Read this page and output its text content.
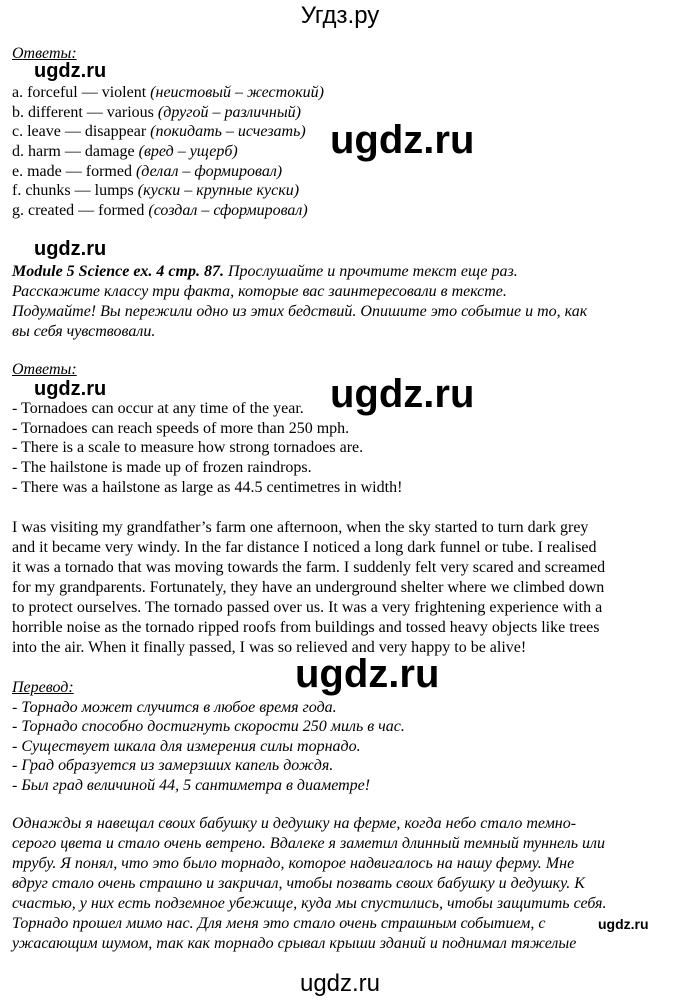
Угдз.ру
Ответы:
a. forceful — violent (неистовый – жестокий)
b. different — various (другой – различный)
c. leave — disappear (покидать – исчезать)
d. harm — damage (вред – ущерб)
e. made — formed (делал – формировал)
f. chunks — lumps (куски – крупные куски)
g. created — formed (создал – сформировал)
Module 5 Science ex. 4 стр. 87. Прослушайте и прочтите текст еще раз.
Расскажите классу три факта, которые вас заинтересовали в тексте.
Подумайте! Вы пережили одно из этих бедствий. Опишите это событие и то, как
вы себя чувствовали.
Ответы:
- Tornadoes can occur at any time of the year.
- Tornadoes can reach speeds of more than 250 mph.
- There is a scale to measure how strong tornadoes are.
- The hailstone is made up of frozen raindrops.
- There was a hailstone as large as 44.5 centimetres in width!
I was visiting my grandfather’s farm one afternoon, when the sky started to turn dark grey
and it became very windy. In the far distance I noticed a long dark funnel or tube. I realised
it was a tornado that was moving towards the farm. I suddenly felt very scared and screamed
for my grandparents. Fortunately, they have an underground shelter where we climbed down
to protect ourselves. The tornado passed over us. It was a very frightening experience with a
horrible noise as the tornado ripped roofs from buildings and tossed heavy objects like trees
into the air. When it finally passed, I was so relieved and very happy to be alive!
Перевод:
- Торнадо может случится в любое время года.
- Торнадо способно достигнуть скорости 250 миль в час.
- Существует шкала для измерения силы торнадо.
- Град образуется из замерзших капель дождя.
- Был град величиной 44, 5 сантиметра в диаметре!
Однажды я навещал своих бабушку и дедушку на ферме, когда небо стало темно-
серого цвета и стало очень ветрено. Вдалеке я заметил длинный темный туннель или
трубу. Я понял, что это было торнадо, которое надвигалось на нашу ферму. Мне
вдруг стало очень страшно и закричал, чтобы позвать своих бабушку и дедушку. К
счастью, у них есть подземное убежище, куда мы спустились, чтобы защитить себя.
Торнадо прошел мимо нас. Для меня это стало очень страшным событием, с
ужасающим шумом, так как торнадо срывал крыши зданий и поднимал тяжелые
ugdz.ru
ugdz.ru
ugdz.ru
ugdz.ru	ugdz.ru
ugdz.ru
ugdz.ru
ugdz.ru
